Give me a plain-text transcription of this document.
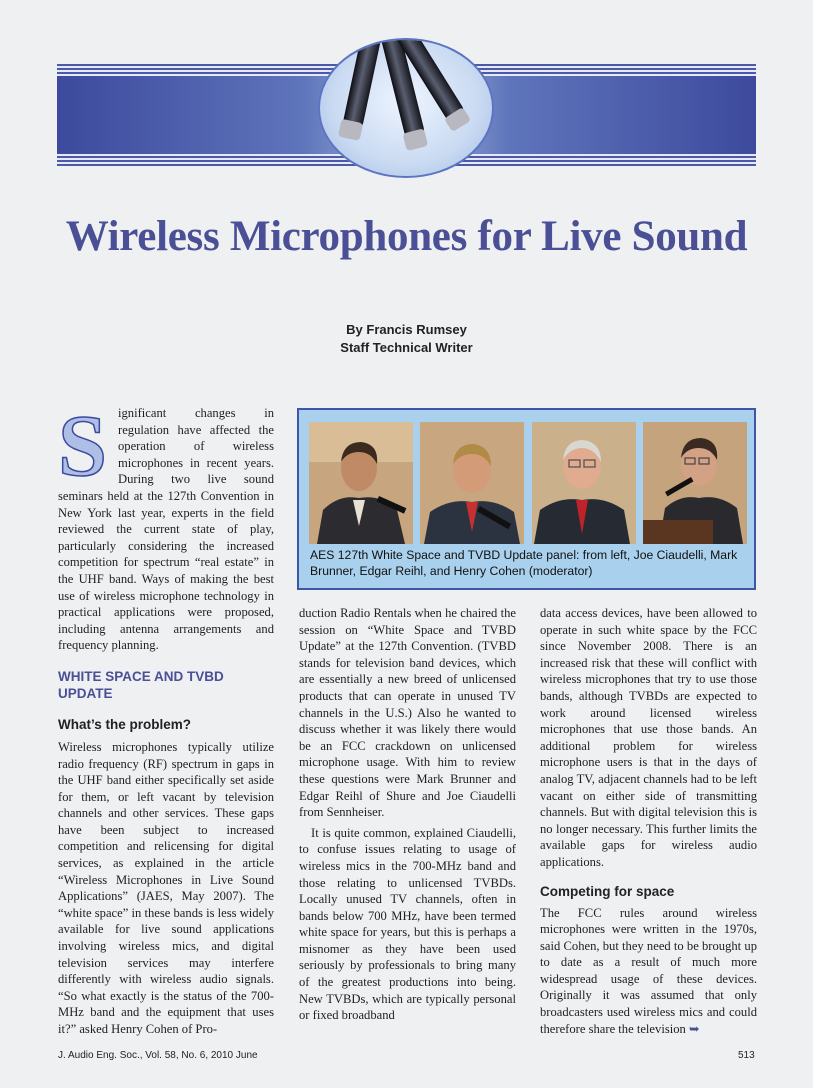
Wireless Microphones for Live Sound
By Francis Rumsey
Staff Technical Writer

S ignificant changes in regulation have affected the operation of wireless microphones in recent years. During two live sound seminars held at the 127th Convention in New York last year, experts in the field reviewed the current state of play, particularly considering the increased competition for spectrum “real estate” in the UHF band. Ways of making the best use of wireless microphone technology in practical applications were proposed, including antenna arrangements and frequency planning.

WHITE SPACE AND TVBD UPDATE
What’s the problem?

Wireless microphones typically utilize radio frequency (RF) spectrum in gaps in the UHF band either specifically set aside for them, or left vacant by television channels and other services. These gaps have been subject to increased competition and relicensing for digital services, as explained in the article “Wireless Microphones in Live Sound Applications” (JAES, May 2007). The “white space” in these bands is less widely available for live sound applications involving wireless mics, and digital television services may interfere differently with wireless audio signals. “So what exactly is the status of the 700-MHz band and the equipment that uses it?” asked Henry Cohen of Pro-

AES 127th White Space and TVBD Update panel: from left, Joe Ciaudelli, Mark Brunner, Edgar Reihl, and Henry Cohen (moderator)

duction Radio Rentals when he chaired the session on “White Space and TVBD Update” at the 127th Convention. (TVBD stands for television band devices, which are essentially a new breed of unlicensed products that can operate in unused TV channels in the U.S.) Also he wanted to discuss whether it was likely there would be an FCC crackdown on unlicensed microphone usage. With him to review these questions were Mark Brunner and Edgar Reihl of Shure and Joe Ciaudelli from Sennheiser.

It is quite common, explained Ciaudelli, to confuse issues relating to usage of wireless mics in the 700-MHz band and those relating to unlicensed TVBDs. Locally unused TV channels, often in bands below 700 MHz, have been termed white space for years, but this is perhaps a misnomer as they have been used seriously by professionals to bring many of the greatest productions into being. New TVBDs, which are typically personal or fixed broadband

data access devices, have been allowed to operate in such white space by the FCC since November 2008. There is an increased risk that these will conflict with wireless microphones that try to use those bands, although TVBDs are expected to work around licensed wireless microphones that use those bands. An additional problem for wireless microphone users is that in the days of analog TV, adjacent channels had to be left vacant on either side of transmitting channels. But with digital television this is no longer necessary. This further limits the available gaps for wireless audio applications.

Competing for space

The FCC rules around wireless microphones were written in the 1970s, said Cohen, but they need to be brought up to date as a result of much more widespread usage of these devices. Originally it was assumed that only broadcasters used wireless mics and could therefore share the television ➥

J. Audio Eng. Soc., Vol. 58, No. 6, 2010 June	513
